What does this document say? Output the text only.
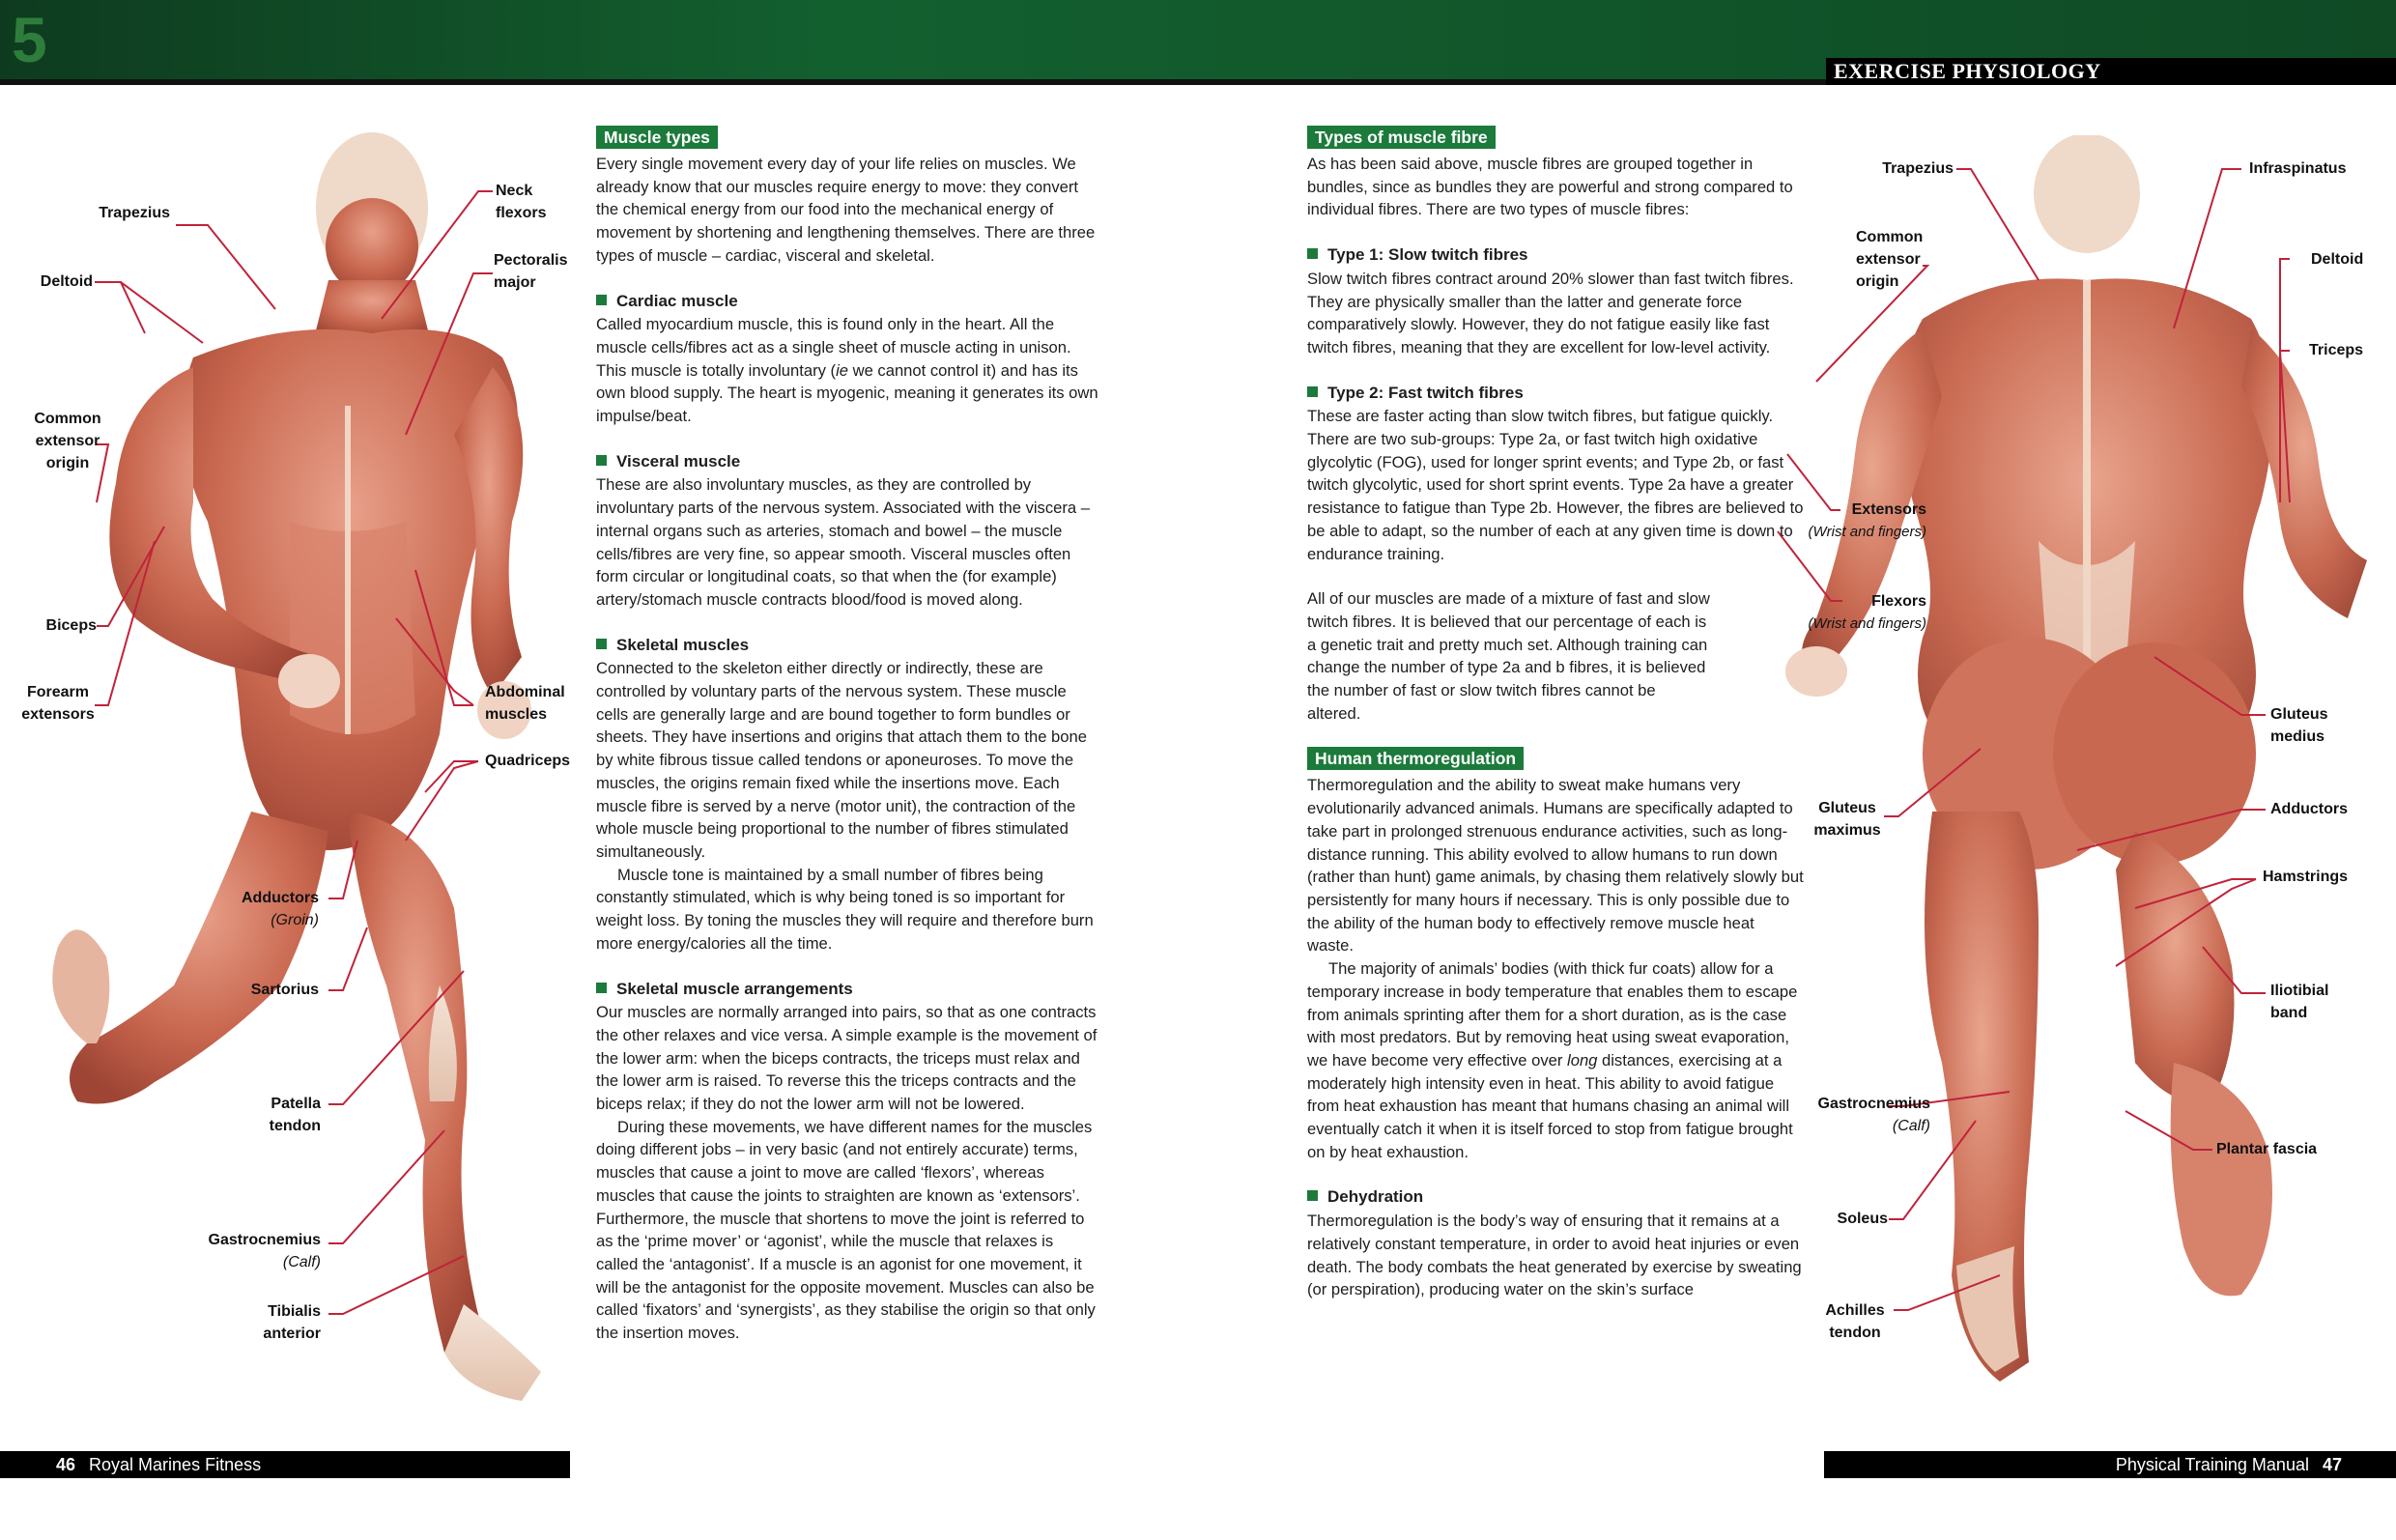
5	EXERCISE PHYSIOLOGY
Trapezius
Deltoid
Common
extensor
origin
Biceps
Forearm
extensors
Neck
flexors
Pectoralis
major
Abdominal
muscles
Quadriceps
Adductors
(Groin)
Sartorius
Patella
tendon
Gastrocnemius
(Calf)
Tibialis
anterior
Trapezius
Common
extensor
origin
Extensors
(Wrist and fingers)
Flexors
(Wrist and fingers)
Gluteus
maximus
Gastrocnemius
(Calf)
Soleus
Achilles
tendon
Infraspinatus
Deltoid
Triceps
Gluteus
medius
Adductors
Hamstrings
Iliotibial
band
Plantar fascia
Muscle types

Every single movement every day of your life relies on muscles. We already know that our muscles require energy to move: they convert the chemical energy from our food into the mechanical energy of movement by shortening and lengthening themselves. There are three types of muscle – cardiac, visceral and skeletal.

Cardiac muscle

Called myocardium muscle, this is found only in the heart. All the muscle cells/fibres act as a single sheet of muscle acting in unison. This muscle is totally involuntary (ie we cannot control it) and has its own blood supply. The heart is myogenic, meaning it generates its own impulse/beat.

Visceral muscle

These are also involuntary muscles, as they are controlled by involuntary parts of the nervous system. Associated with the viscera – internal organs such as arteries, stomach and bowel – the muscle cells/fibres are very fine, so appear smooth. Visceral muscles often form circular or longitudinal coats, so that when the (for example) artery/stomach muscle contracts blood/food is moved along.

Skeletal muscles

Connected to the skeleton either directly or indirectly, these are controlled by voluntary parts of the nervous system. These muscle cells are generally large and are bound together to form bundles or sheets. They have insertions and origins that attach them to the bone by white fibrous tissue called tendons or aponeuroses. To move the muscles, the origins remain fixed while the insertions move. Each muscle fibre is served by a nerve (motor unit), the contraction of the whole muscle being proportional to the number of fibres stimulated simultaneously.

Muscle tone is maintained by a small number of fibres being constantly stimulated, which is why being toned is so important for weight loss. By toning the muscles they will require and therefore burn more energy/calories all the time.

Skeletal muscle arrangements

Our muscles are normally arranged into pairs, so that as one contracts the other relaxes and vice versa. A simple example is the movement of the lower arm: when the biceps contracts, the triceps must relax and the lower arm is raised. To reverse this the triceps contracts and the biceps relax; if they do not the lower arm will not be lowered.

During these movements, we have different names for the muscles doing different jobs – in very basic (and not entirely accurate) terms, muscles that cause a joint to move are called ‘flexors’, whereas muscles that cause the joints to straighten are known as ‘extensors’. Furthermore, the muscle that shortens to move the joint is referred to as the ‘prime mover’ or ‘agonist’, while the muscle that relaxes is called the ‘antagonist’. If a muscle is an agonist for one movement, it will be the antagonist for the opposite movement. Muscles can also be called ‘fixators’ and ‘synergists’, as they stabilise the origin so that only the insertion moves.

Types of muscle fibre

As has been said above, muscle fibres are grouped together in bundles, since as bundles they are powerful and strong compared to individual fibres. There are two types of muscle fibres:

Type 1: Slow twitch fibres

Slow twitch fibres contract around 20% slower than fast twitch fibres. They are physically smaller than the latter and generate force comparatively slowly. However, they do not fatigue easily like fast twitch fibres, meaning that they are excellent for low-level activity.

Type 2: Fast twitch fibres

These are faster acting than slow twitch fibres, but fatigue quickly. There are two sub-groups: Type 2a, or fast twitch high oxidative glycolytic (FOG), used for longer sprint events; and Type 2b, or fast twitch glycolytic, used for short sprint events. Type 2a have a greater resistance to fatigue than Type 2b. However, the fibres are believed to be able to adapt, so the number of each at any given time is down to endurance training.

All of our muscles are made of a mixture of fast and slow twitch fibres. It is believed that our percentage of each is a genetic trait and pretty much set. Although training can change the number of type 2a and b fibres, it is believed the number of fast or slow twitch fibres cannot be altered.

Human thermoregulation

Thermoregulation and the ability to sweat make humans very evolutionarily advanced animals. Humans are specifically adapted to take part in prolonged strenuous endurance activities, such as long-distance running. This ability evolved to allow humans to run down (rather than hunt) game animals, by chasing them relatively slowly but persistently for many hours if necessary. This is only possible due to the ability of the human body to effectively remove muscle heat waste.

The majority of animals’ bodies (with thick fur coats) allow for a temporary increase in body temperature that enables them to escape from animals sprinting after them for a short duration, as is the case with most predators. But by removing heat using sweat evaporation, we have become very effective over long distances, exercising at a moderately high intensity even in heat. This ability to avoid fatigue from heat exhaustion has meant that humans chasing an animal will eventually catch it when it is itself forced to stop from fatigue brought on by heat exhaustion.

Dehydration

Thermoregulation is the body’s way of ensuring that it remains at a relatively constant temperature, in order to avoid heat injuries or even death. The body combats the heat generated by exercise by sweating (or perspiration), producing water on the skin’s surface

46 Royal Marines Fitness	Physical Training Manual 47
